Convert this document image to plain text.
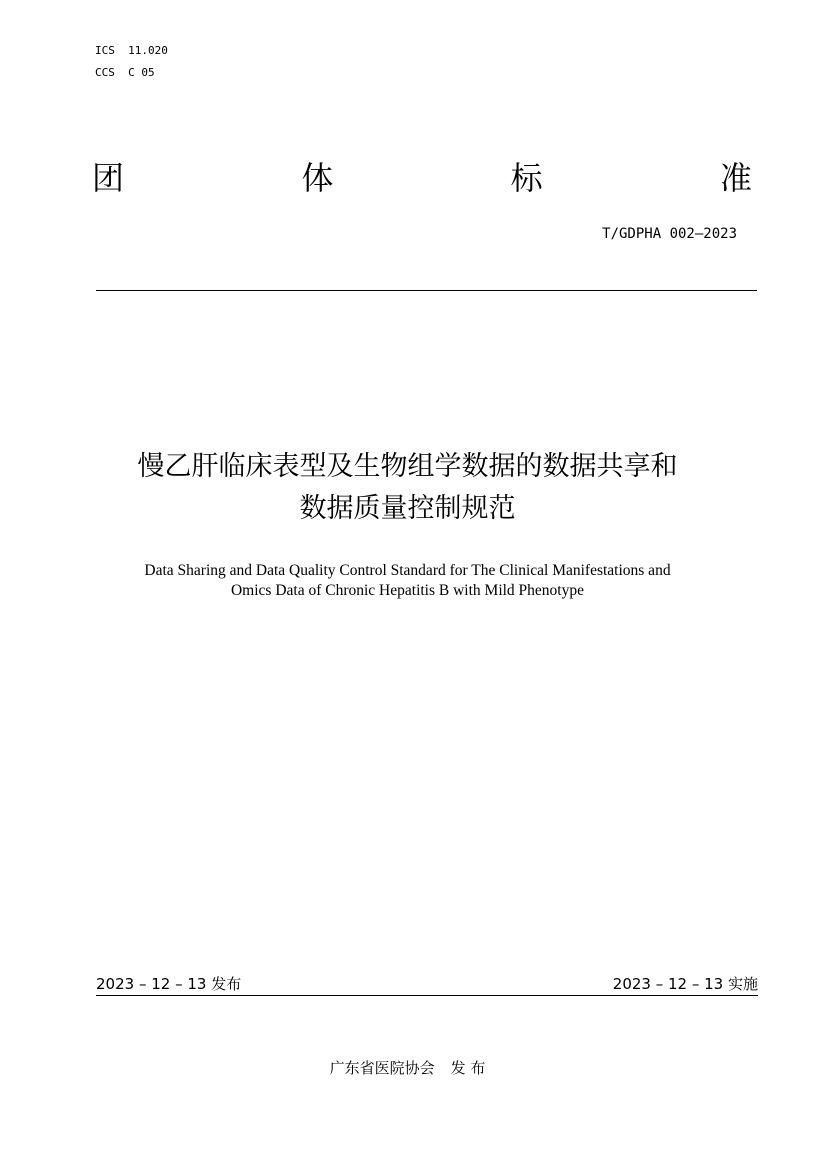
ICS  11.020
CCS  C 05
团	体	标	准
T/GDPHA 002—2023
慢乙肝临床表型及生物组学数据的数据共享和
数据质量控制规范
Data Sharing and Data Quality Control Standard for The Clinical Manifestations and
Omics Data of Chronic Hepatitis B with Mild Phenotype
2023 – 12 – 13 发布	2023 – 12 – 13 实施
广东省医院协会 发 布
